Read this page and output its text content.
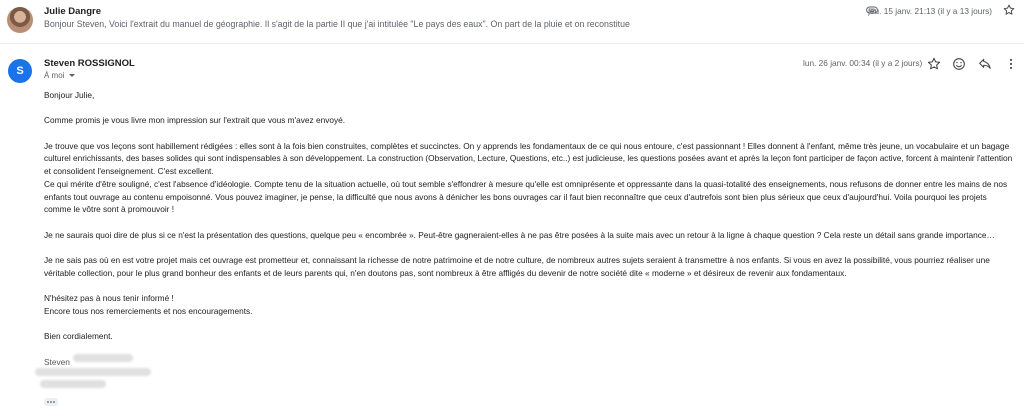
Julie Dangre
Bonjour Steven, Voici l'extrait du manuel de géographie. Il s'agit de la partie II que j'ai intitulée "Le pays des eaux". On part de la pluie et on reconstitue
jeu. 15 janv. 21:13 (il y a 13 jours)
S
Steven ROSSIGNOL
À moi
lun. 26 janv. 00:34 (il y a 2 jours)

Bonjour Julie,

Comme promis je vous livre mon impression sur l'extrait que vous m'avez envoyé.

Je trouve que vos leçons sont habillement rédigées : elles sont à la fois bien construites, complètes et succinctes. On y apprends les fondamentaux de ce qui nous entoure, c'est passionnant ! Elles donnent à l'enfant, même très jeune, un vocabulaire et un bagage culturel enrichissants, des bases solides qui sont indispensables à son développement. La construction (Observation, Lecture, Questions, etc..) est judicieuse, les questions posées avant et après la leçon font participer de façon active, forcent à maintenir l'attention et consolident l'enseignement. C'est excellent.

Ce qui mérite d'être souligné, c'est l'absence d'idéologie. Compte tenu de la situation actuelle, où tout semble s'effondrer à mesure qu'elle est omniprésente et oppressante dans la quasi-totalité des enseignements, nous refusons de donner entre les mains de nos enfants tout ouvrage au contenu empoisonné. Vous pouvez imaginer, je pense, la difficulté que nous avons à dénicher les bons ouvrages car il faut bien reconnaître que ceux d'autrefois sont bien plus sérieux que ceux d'aujourd'hui. Voila pourquoi les projets comme le vôtre sont à promouvoir !

Je ne saurais quoi dire de plus si ce n'est la présentation des questions, quelque peu « encombrée ». Peut-être gagneraient-elles à ne pas être posées à la suite mais avec un retour à la ligne à chaque question ? Cela reste un détail sans grande importance…

Je ne sais pas où en est votre projet mais cet ouvrage est prometteur et, connaissant la richesse de notre patrimoine et de notre culture, de nombreux autres sujets seraient à transmettre à nos enfants. Si vous en avez la possibilité, vous pourriez réaliser une véritable collection, pour le plus grand bonheur des enfants et de leurs parents qui, n'en doutons pas, sont nombreux à être affligés du devenir de notre société dite « moderne » et désireux de revenir aux fondamentaux.

N'hésitez pas à nous tenir informé !

Encore tous nos remerciements et nos encouragements.

Bien cordialement.

Steven
